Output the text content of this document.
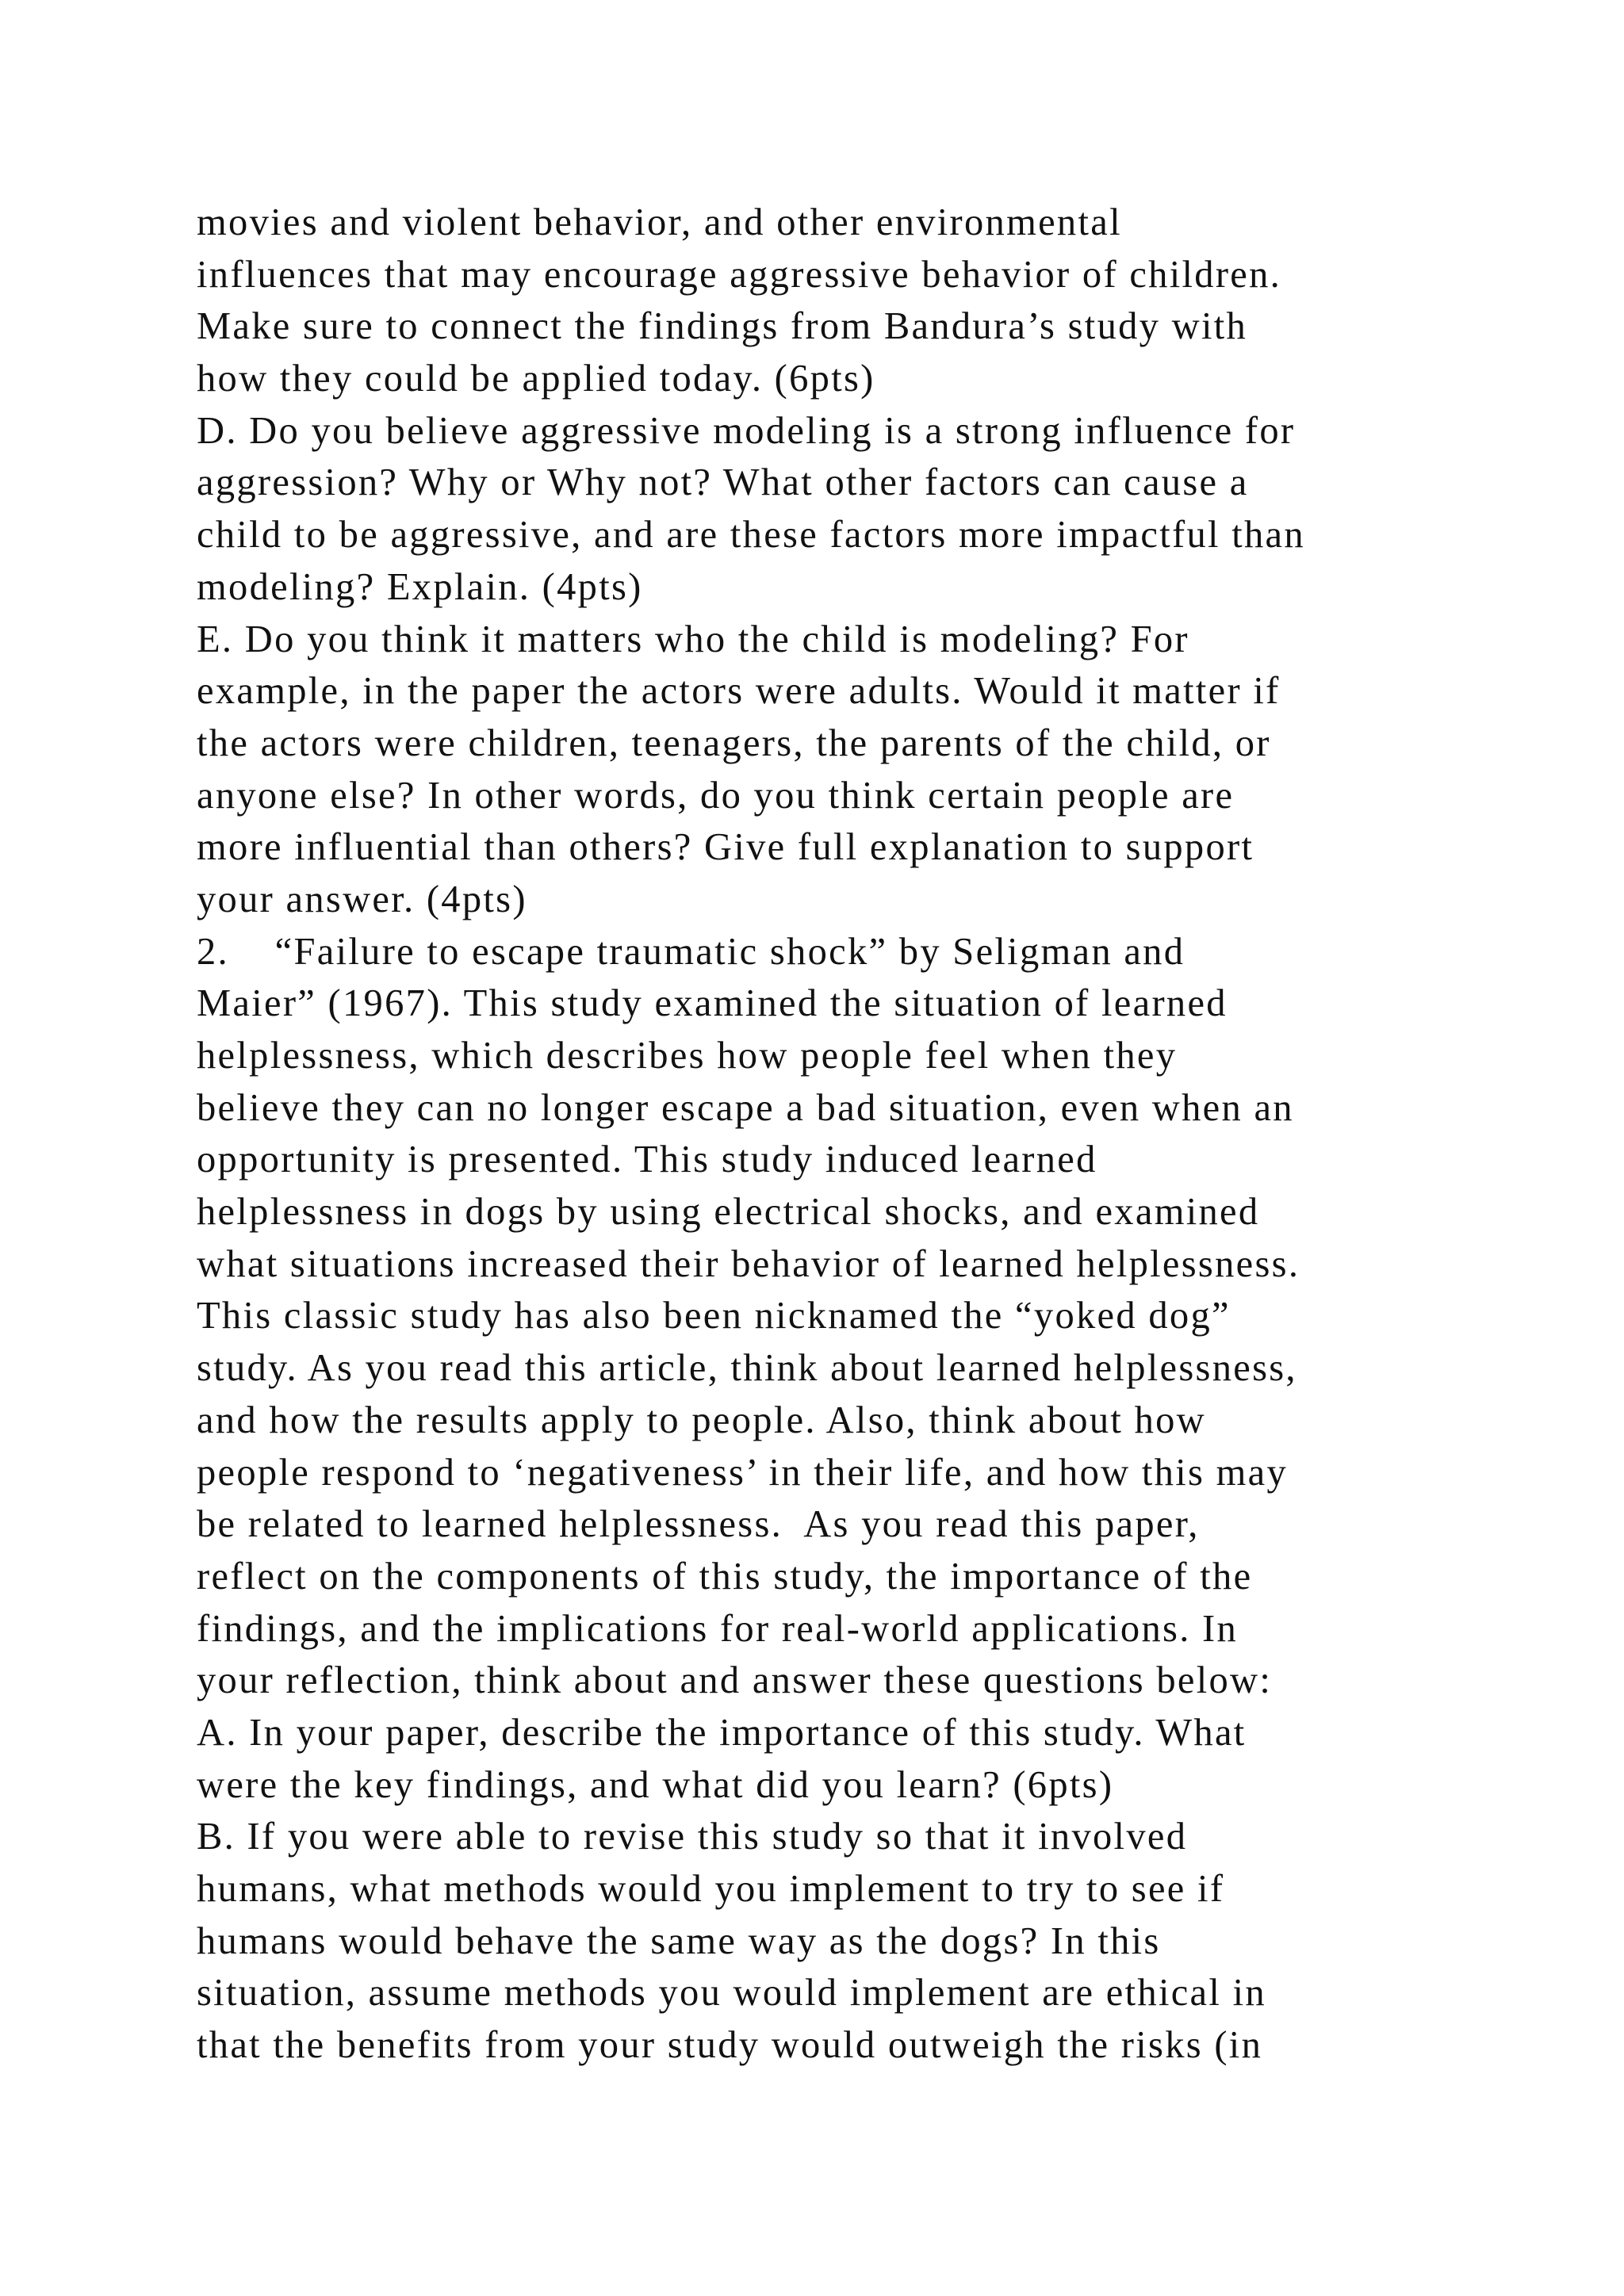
movies and violent behavior, and other environmental
influences that may encourage aggressive behavior of children.
Make sure to connect the findings from Bandura’s study with
how they could be applied today. (6pts)
D. Do you believe aggressive modeling is a strong influence for
aggression? Why or Why not? What other factors can cause a
child to be aggressive, and are these factors more impactful than
modeling? Explain. (4pts)
E. Do you think it matters who the child is modeling? For
example, in the paper the actors were adults. Would it matter if
the actors were children, teenagers, the parents of the child, or
anyone else? In other words, do you think certain people are
more influential than others? Give full explanation to support
your answer. (4pts)
2.    “Failure to escape traumatic shock” by Seligman and
Maier” (1967). This study examined the situation of learned
helplessness, which describes how people feel when they
believe they can no longer escape a bad situation, even when an
opportunity is presented. This study induced learned
helplessness in dogs by using electrical shocks, and examined
what situations increased their behavior of learned helplessness.
This classic study has also been nicknamed the “yoked dog”
study. As you read this article, think about learned helplessness,
and how the results apply to people. Also, think about how
people respond to ‘negativeness’ in their life, and how this may
be related to learned helplessness.  As you read this paper,
reflect on the components of this study, the importance of the
findings, and the implications for real-world applications. In
your reflection, think about and answer these questions below:
A. In your paper, describe the importance of this study. What
were the key findings, and what did you learn? (6pts)
B. If you were able to revise this study so that it involved
humans, what methods would you implement to try to see if
humans would behave the same way as the dogs? In this
situation, assume methods you would implement are ethical in
that the benefits from your study would outweigh the risks (in
